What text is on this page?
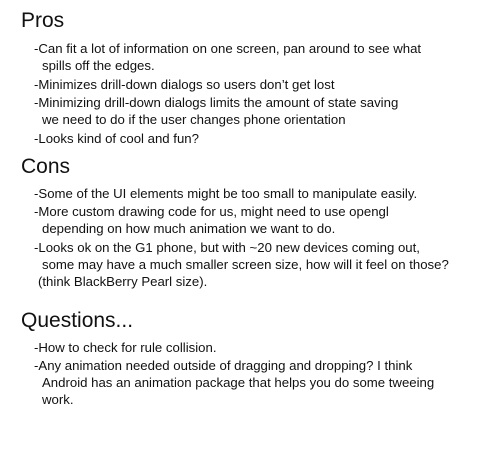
Pros

-Can fit a lot of information on one screen, pan around to see what
spills off the edges.

-Minimizes drill-down dialogs so users don’t get lost

-Minimizing drill-down dialogs limits the amount of state saving
we need to do if the user changes phone orientation

-Looks kind of cool and fun?

Cons

-Some of the UI elements might be too small to manipulate easily.

-More custom drawing code for us, might need to use opengl
depending on how much animation we want to do.

-Looks ok on the G1 phone, but with ~20 new devices coming out,
some may have a much smaller screen size, how will it feel on those?
(think BlackBerry Pearl size).

Questions...

-How to check for rule collision.

-Any animation needed outside of dragging and dropping? I think
Android has an animation package that helps you do some tweeing
work.
